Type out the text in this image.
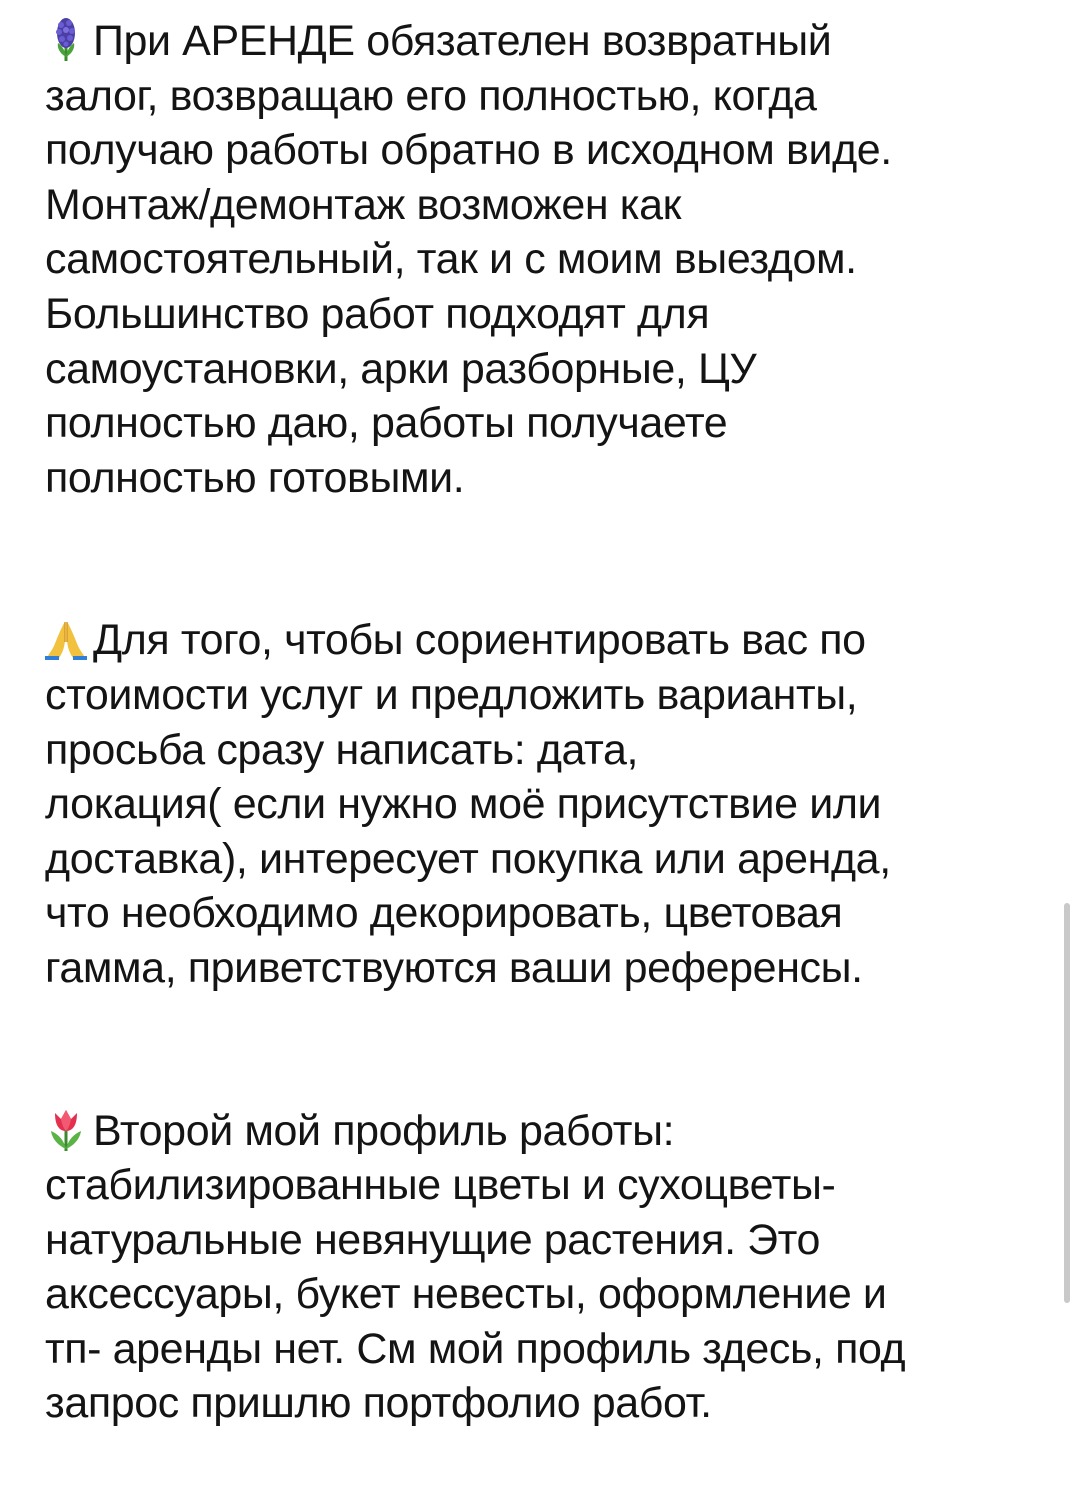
При АРЕНДЕ обязателен возвратный
залог, возвращаю его полностью, когда
получаю работы обратно в исходном виде.
Монтаж/демонтаж возможен как
самостоятельный, так и с моим выездом.
Большинство работ подходят для
самоустановки, арки разборные, ЦУ
полностью даю, работы получаете
полностью готовыми.
Для того, чтобы сориентировать вас по
стоимости услуг и предложить варианты,
просьба сразу написать: дата,
локация( если нужно моё присутствие или
доставка), интересует покупка или аренда,
что необходимо декорировать, цветовая
гамма, приветствуются ваши референсы.
Второй мой профиль работы:
стабилизированные цветы и сухоцветы-
натуральные невянущие растения. Это
аксессуары, букет невесты, оформление и
тп- аренды нет. См мой профиль здесь, под
запрос пришлю портфолио работ.
